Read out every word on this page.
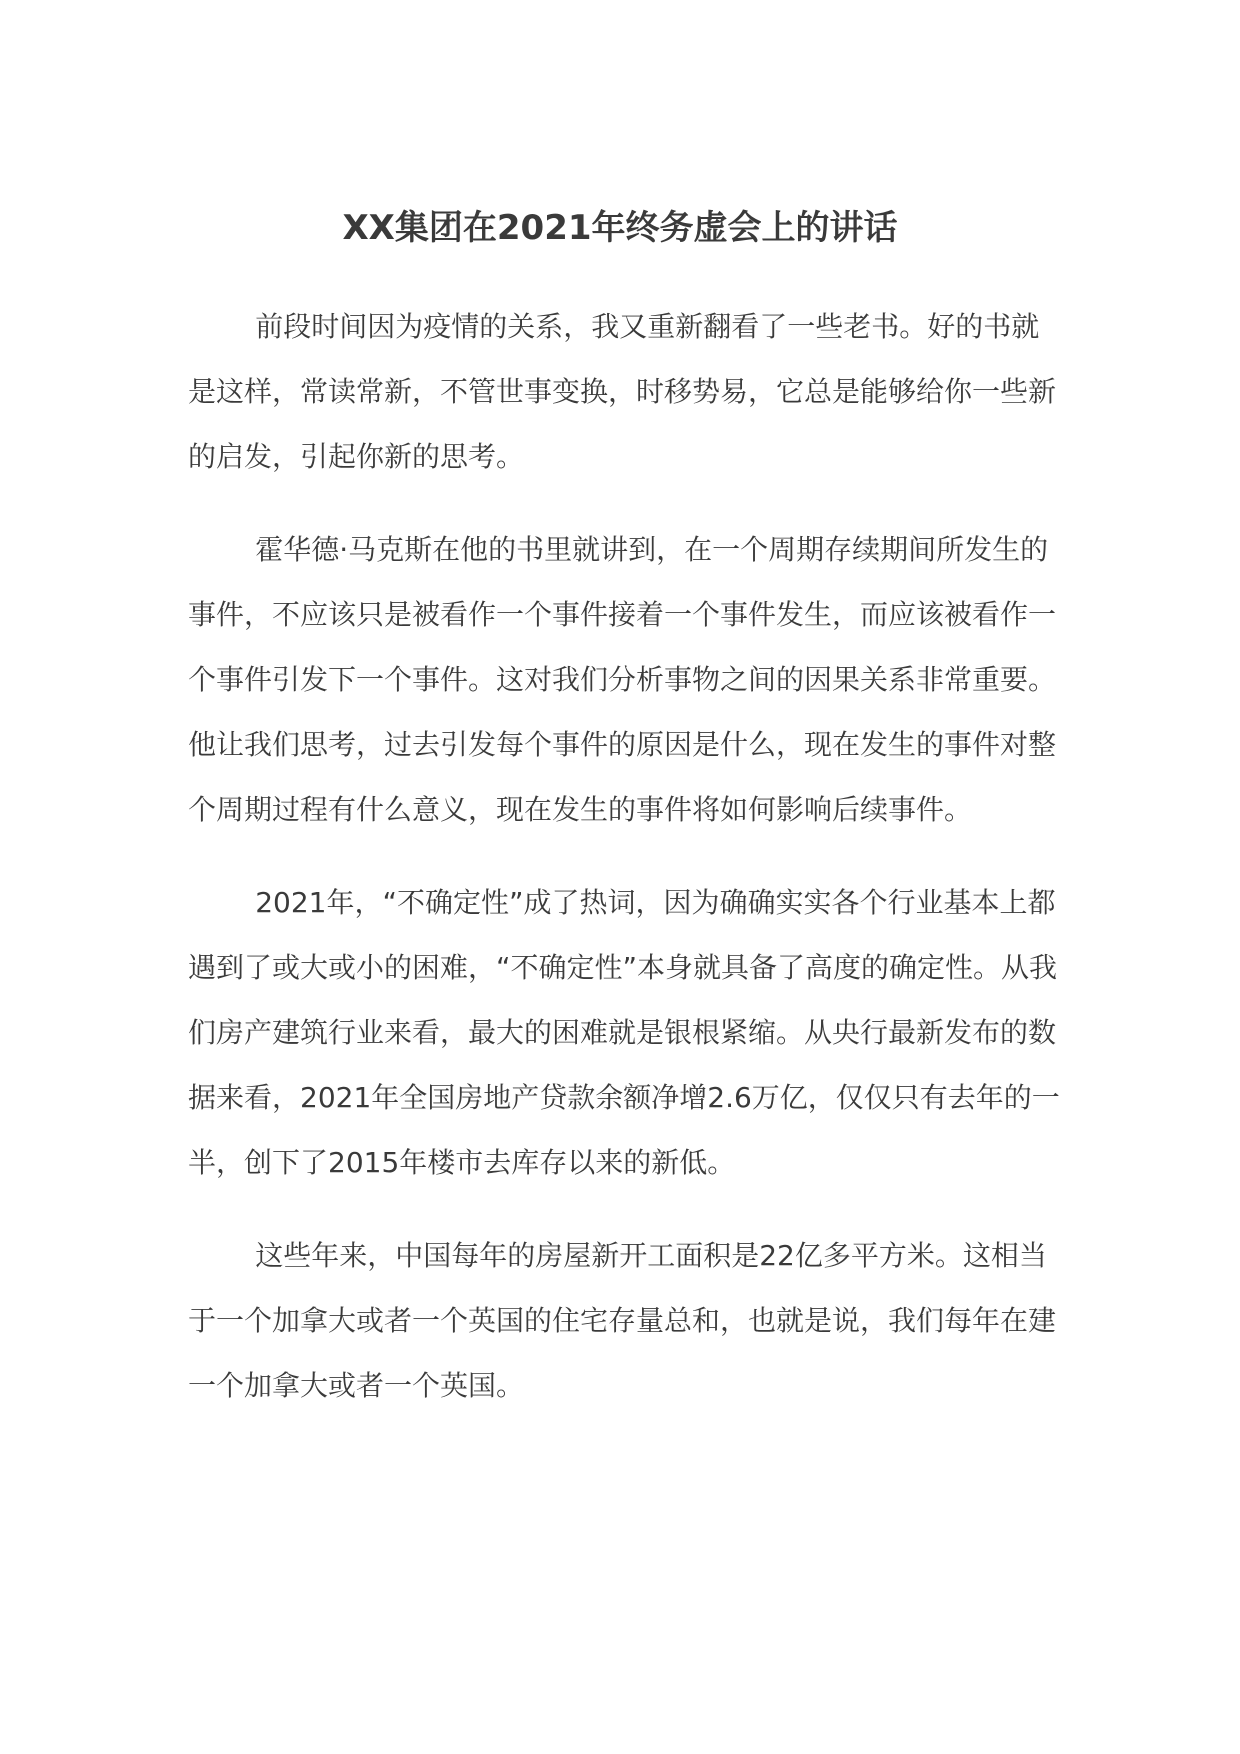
XX集团在2021年终务虚会上的讲话

前段时间因为疫情的关系，我又重新翻看了一些老书。好的书就是这样，常读常新，不管世事变换，时移势易，它总是能够给你一些新的启发，引起你新的思考。

霍华德·马克斯在他的书里就讲到，在一个周期存续期间所发生的事件，不应该只是被看作一个事件接着一个事件发生，而应该被看作一个事件引发下一个事件。这对我们分析事物之间的因果关系非常重要。他让我们思考，过去引发每个事件的原因是什么，现在发生的事件对整个周期过程有什么意义，现在发生的事件将如何影响后续事件。

2021年，“不确定性”成了热词，因为确确实实各个行业基本上都遇到了或大或小的困难，“不确定性”本身就具备了高度的确定性。从我们房产建筑行业来看，最大的困难就是银根紧缩。从央行最新发布的数据来看，2021年全国房地产贷款余额净增2.6万亿，仅仅只有去年的一半，创下了2015年楼市去库存以来的新低。

这些年来，中国每年的房屋新开工面积是22亿多平方米。这相当于一个加拿大或者一个英国的住宅存量总和，也就是说，我们每年在建一个加拿大或者一个英国。
